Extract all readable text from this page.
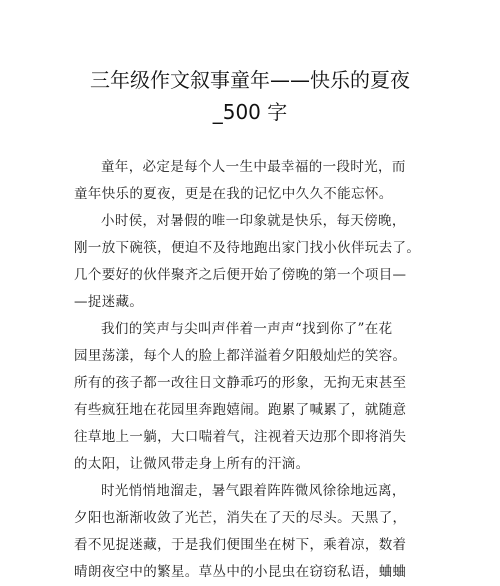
三年级作文叙事童年——快乐的夏夜
_500 字

童年，必定是每个人一生中最幸福的一段时光，而
童年快乐的夏夜，更是在我的记忆中久久不能忘怀。

小时侯，对暑假的唯一印象就是快乐，每天傍晚，
刚一放下碗筷，便迫不及待地跑出家门找小伙伴玩去了。
几个要好的伙伴聚齐之后便开始了傍晚的第一个项目—
—捉迷藏。

我们的笑声与尖叫声伴着一声声“找到你了”在花
园里荡漾，每个人的脸上都洋溢着夕阳般灿烂的笑容。
所有的孩子都一改往日文静乖巧的形象，无拘无束甚至
有些疯狂地在花园里奔跑嬉闹。跑累了喊累了，就随意
往草地上一躺，大口喘着气，注视着天边那个即将消失
的太阳，让微风带走身上所有的汗滴。

时光悄悄地溜走，暑气跟着阵阵微风徐徐地远离，
夕阳也渐渐收敛了光芒，消失在了天的尽头。天黑了，
看不见捉迷藏，于是我们便围坐在树下，乘着凉，数着
晴朗夜空中的繁星。草丛中的小昆虫在窃窃私语，蛐蛐
